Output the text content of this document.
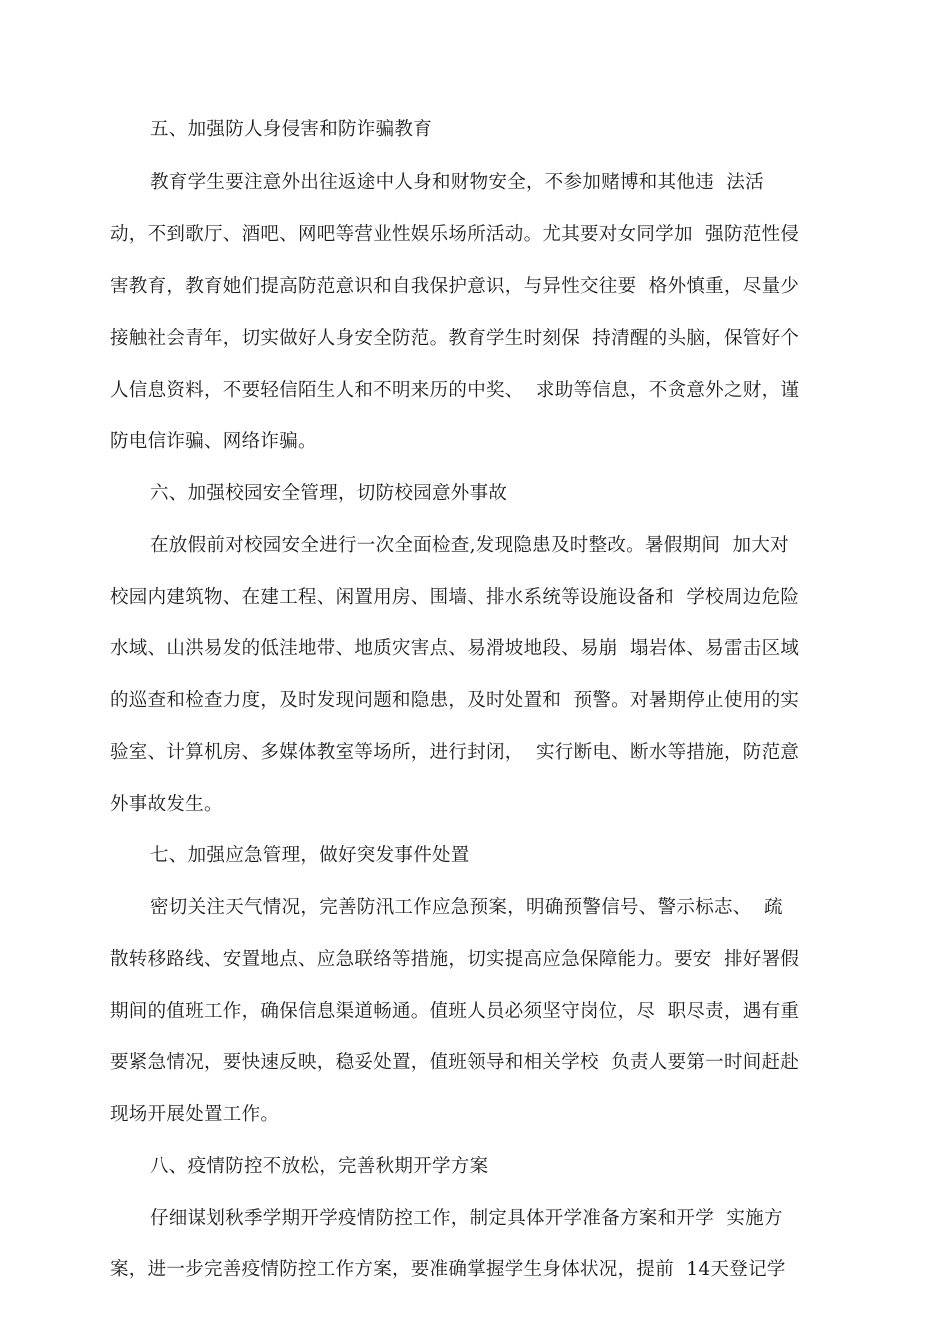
五、加强防人身侵害和防诈骗教育
教育学生要注意外出往返途中人身和财物安全，不参加赌博和其他违  法活
动，不到歌厅、酒吧、网吧等营业性娱乐场所活动。尤其要对女同学加  强防范性侵
害教育，教育她们提高防范意识和自我保护意识，与异性交往要  格外慎重，尽量少
接触社会青年，切实做好人身安全防范。教育学生时刻保  持清醒的头脑，保管好个
人信息资料，不要轻信陌生人和不明来历的中奖、  求助等信息，不贪意外之财，谨
防电信诈骗、网络诈骗。
六、加强校园安全管理，切防校园意外事故
在放假前对校园安全进行一次全面检查,发现隐患及时整改。暑假期间  加大对
校园内建筑物、在建工程、闲置用房、围墙、排水系统等设施设备和  学校周边危险
水域、山洪易发的低洼地带、地质灾害点、易滑坡地段、易崩  塌岩体、易雷击区域
的巡查和检查力度，及时发现问题和隐患，及时处置和  预警。对暑期停止使用的实
验室、计算机房、多媒体教室等场所，进行封闭，  实行断电、断水等措施，防范意
外事故发生。
七、加强应急管理，做好突发事件处置
密切关注天气情况，完善防汛工作应急预案，明确预警信号、警示标志、  疏
散转移路线、安置地点、应急联络等措施，切实提高应急保障能力。要安  排好署假
期间的值班工作，确保信息渠道畅通。值班人员必须坚守岗位，尽  职尽责，遇有重
要紧急情况，要快速反映，稳妥处置，值班领导和相关学校  负责人要第一时间赶赴
现场开展处置工作。
八、疫情防控不放松，完善秋期开学方案
仔细谋划秋季学期开学疫情防控工作，制定具体开学准备方案和开学  实施方
案，进一步完善疫情防控工作方案，要准确掌握学生身体状况，提前  14天登记学
